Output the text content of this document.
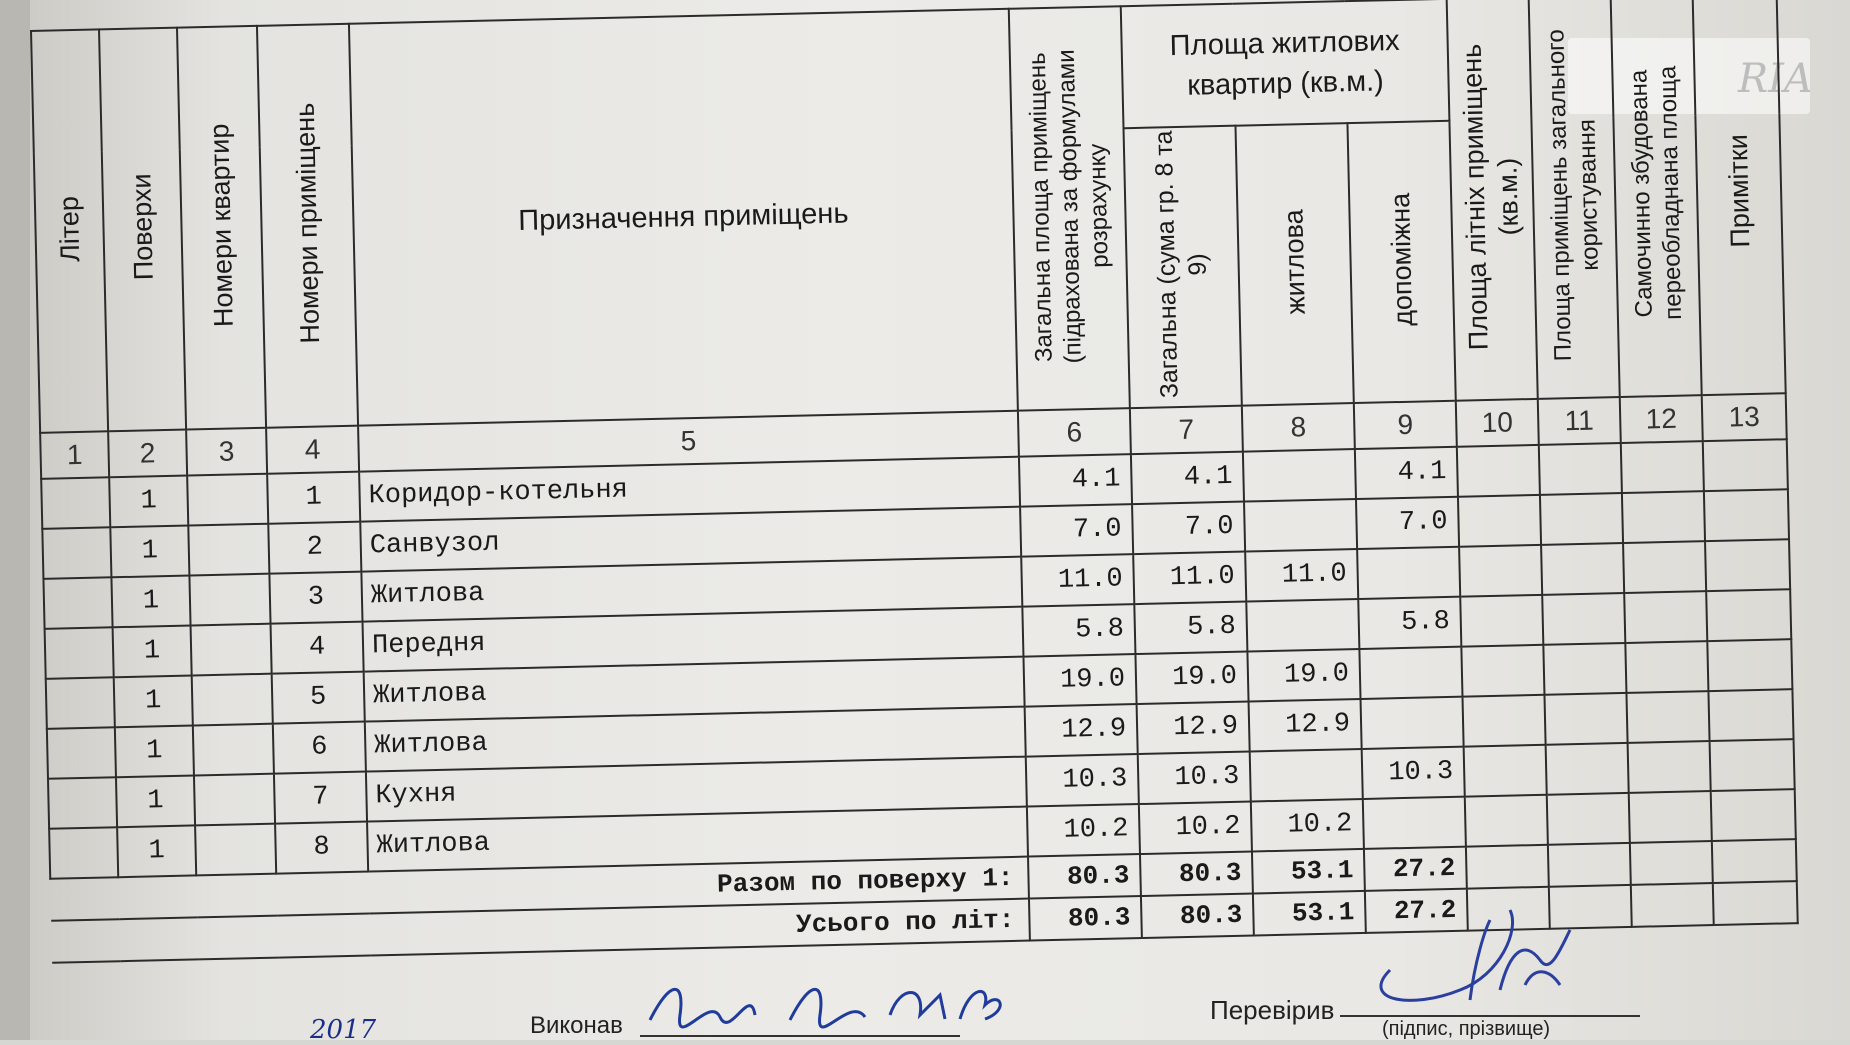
RIA
Літер	Поверхи	Номери квартир	Номери приміщень	Призначення приміщень	Загальна площа приміщень (підрахована за формулами розрахунку	Площа житлових квартир (кв.м.)			Площа літніх приміщень (кв.м.)	Площа приміщень загального користування	Самочинно збудована переобладнана площа	Примітки
						Загальна (сума гр. 8 та 9)	житлова	допоміжна				
1	2	3	4	5	6	7	8	9	10	11	12	13
	1		1	Коридор-котельня	4.1	4.1		4.1				
	1		2	Санвузол	7.0	7.0		7.0				
	1		3	Житлова	11.0	11.0	11.0					
	1		4	Передня	5.8	5.8		5.8				
	1		5	Житлова	19.0	19.0	19.0					
	1		6	Житлова	12.9	12.9	12.9					
	1		7	Кухня	10.3	10.3		10.3				
	1		8	Житлова	10.2	10.2	10.2					
Разом по поверху 1:					80.3	80.3	53.1	27.2				
Усього по літ:					80.3	80.3	53.1	27.2				
2017	Виконав
Перевірив
(підпис, прізвище)
